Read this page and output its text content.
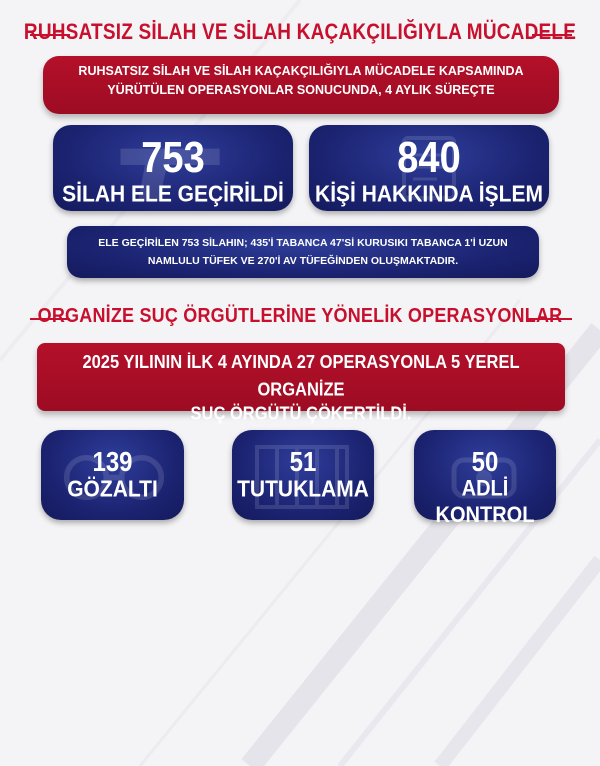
RUHSATSIZ SİLAH VE SİLAH KAÇAKÇILIĞIYLA MÜCADELE
RUHSATSIZ SİLAH VE SİLAH KAÇAKÇILIĞIYLA MÜCADELE KAPSAMINDA
YÜRÜTÜLEN OPERASYONLAR SONUCUNDA, 4 AYLIK SÜREÇTE
753
SİLAH ELE GEÇİRİLDİ
840
KİŞİ HAKKINDA İŞLEM
ELE GEÇİRİLEN 753 SİLAHIN; 435'İ TABANCA 47'Sİ KURUSIKI TABANCA 1'İ UZUN
NAMLULU TÜFEK VE 270'İ AV TÜFEĞİNDEN OLUŞMAKTADIR.
ORGANİZE SUÇ ÖRGÜTLERİNE YÖNELİK OPERASYONLAR
2025 YILININ İLK 4 AYINDA 27 OPERASYONLA 5 YEREL ORGANİZE
SUÇ ÖRGÜTÜ ÇÖKERTİLDİ.
139
GÖZALTI
51
TUTUKLAMA
50
ADLİ KONTROL
